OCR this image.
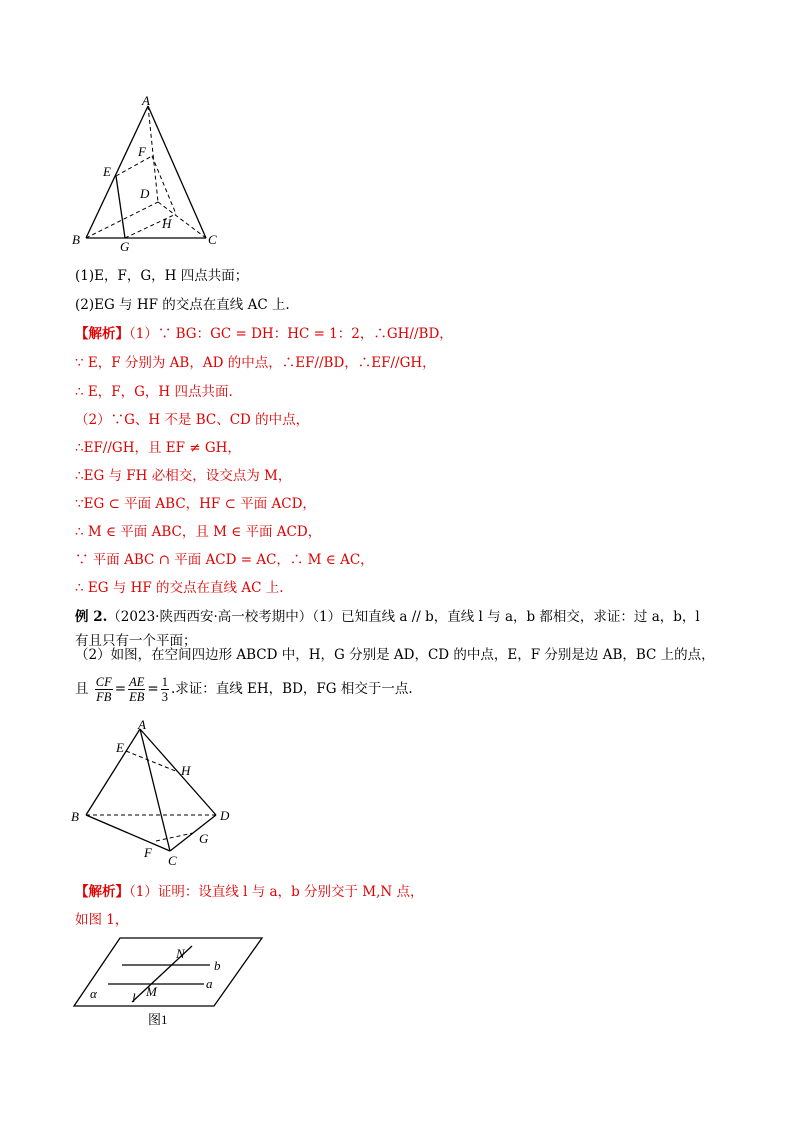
A
B	C
D
E
F
G
H
(1)E，F，G，H 四点共面；
(2)EG 与 HF 的交点在直线 AC 上.
【解析】（1）∵ BG：GC = DH：HC = 1：2，∴GH//BD，
∵ E，F 分别为 AB，AD 的中点，∴EF//BD，∴EF//GH，
∴ E，F，G，H 四点共面.
（2）∵G、H 不是 BC、CD 的中点，
∴EF//GH，且 EF ≠ GH，
∴EG 与 FH 必相交，设交点为 M，
∵EG ⊂ 平面 ABC，HF ⊂ 平面 ACD，
∴ M ∈ 平面 ABC，且 M ∈ 平面 ACD，
∵ 平面 ABC ∩ 平面 ACD = AC，∴ M ∈ AC，
∴ EG 与 HF 的交点在直线 AC 上.
例 2.（2023·陕西西安·高一校考期中）（1）已知直线 a // b，直线 l 与 a，b 都相交，求证：过 a，b，l
有且只有一个平面；
（2）如图，在空间四边形 ABCD 中，H，G 分别是 AD，CD 的中点，E，F 分别是边 AB，BC 上的点，
且 $\frac{CF}{FB} = \frac{AE}{EB} = \frac{1}{3}$ .求证：直线 EH，BD，FG 相交于一点.
A
B
C
D
E
F
G
H
【解析】（1）证明：设直线 l 与 a，b 分别交于 M,N 点，
如图 1，
N
b
a
α	l M
图1
